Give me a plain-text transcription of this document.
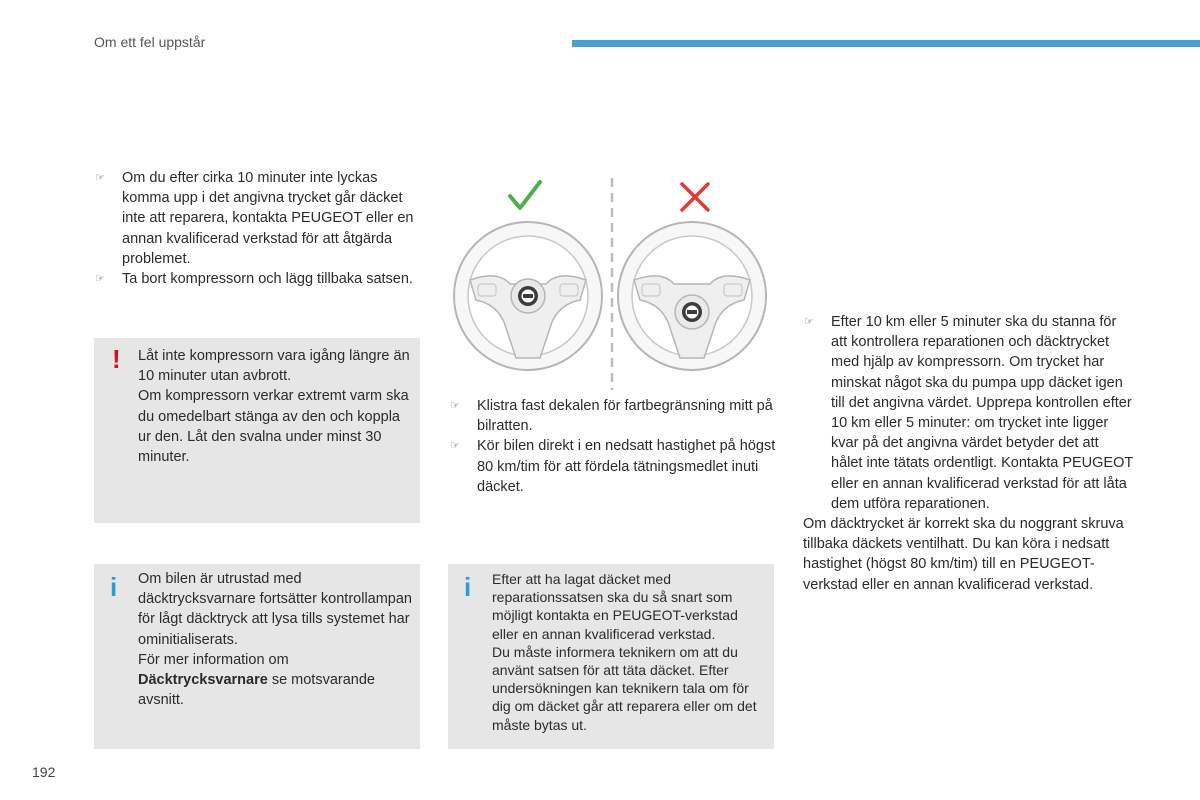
Om ett fel uppstår
☞ Om du efter cirka 10 minuter inte lyckas komma upp i det angivna trycket går däcket inte att reparera, kontakta PEUGEOT eller en annan kvalificerad verkstad för att åtgärda problemet.
☞ Ta bort kompressorn och lägg tillbaka satsen.
! Låt inte kompressorn vara igång längre än 10 minuter utan avbrott.

Om kompressorn verkar extremt varm ska du omedelbart stänga av den och koppla ur den. Låt den svalna under minst 30 minuter.

i Om bilen är utrustad med däcktrycksvarnare fortsätter kontrollampan för lågt däcktryck att lysa tills systemet har ominitialiserats.

För mer information om Däcktrycksvarnare se motsvarande avsnitt.

☞ Klistra fast dekalen för fartbegränsning mitt på bilratten.
☞ Kör bilen direkt i en nedsatt hastighet på högst 80 km/tim för att fördela tätningsmedlet inuti däcket.
i Efter att ha lagat däcket med reparationssatsen ska du så snart som möjligt kontakta en PEUGEOT-verkstad eller en annan kvalificerad verkstad.

Du måste informera teknikern om att du använt satsen för att täta däcket. Efter undersökningen kan teknikern tala om för dig om däcket går att reparera eller om det måste bytas ut.

☞ Efter 10 km eller 5 minuter ska du stanna för att kontrollera reparationen och däcktrycket med hjälp av kompressorn. Om trycket har minskat något ska du pumpa upp däcket igen till det angivna värdet. Upprepa kontrollen efter 10 km eller 5 minuter: om trycket inte ligger kvar på det angivna värdet betyder det att hålet inte tätats ordentligt. Kontakta PEUGEOT eller en annan kvalificerad verkstad för att låta dem utföra reparationen.

Om däcktrycket är korrekt ska du noggrant skruva tillbaka däckets ventilhatt. Du kan köra i nedsatt hastighet (högst 80 km/tim) till en PEUGEOT-verkstad eller en annan kvalificerad verkstad.

192
